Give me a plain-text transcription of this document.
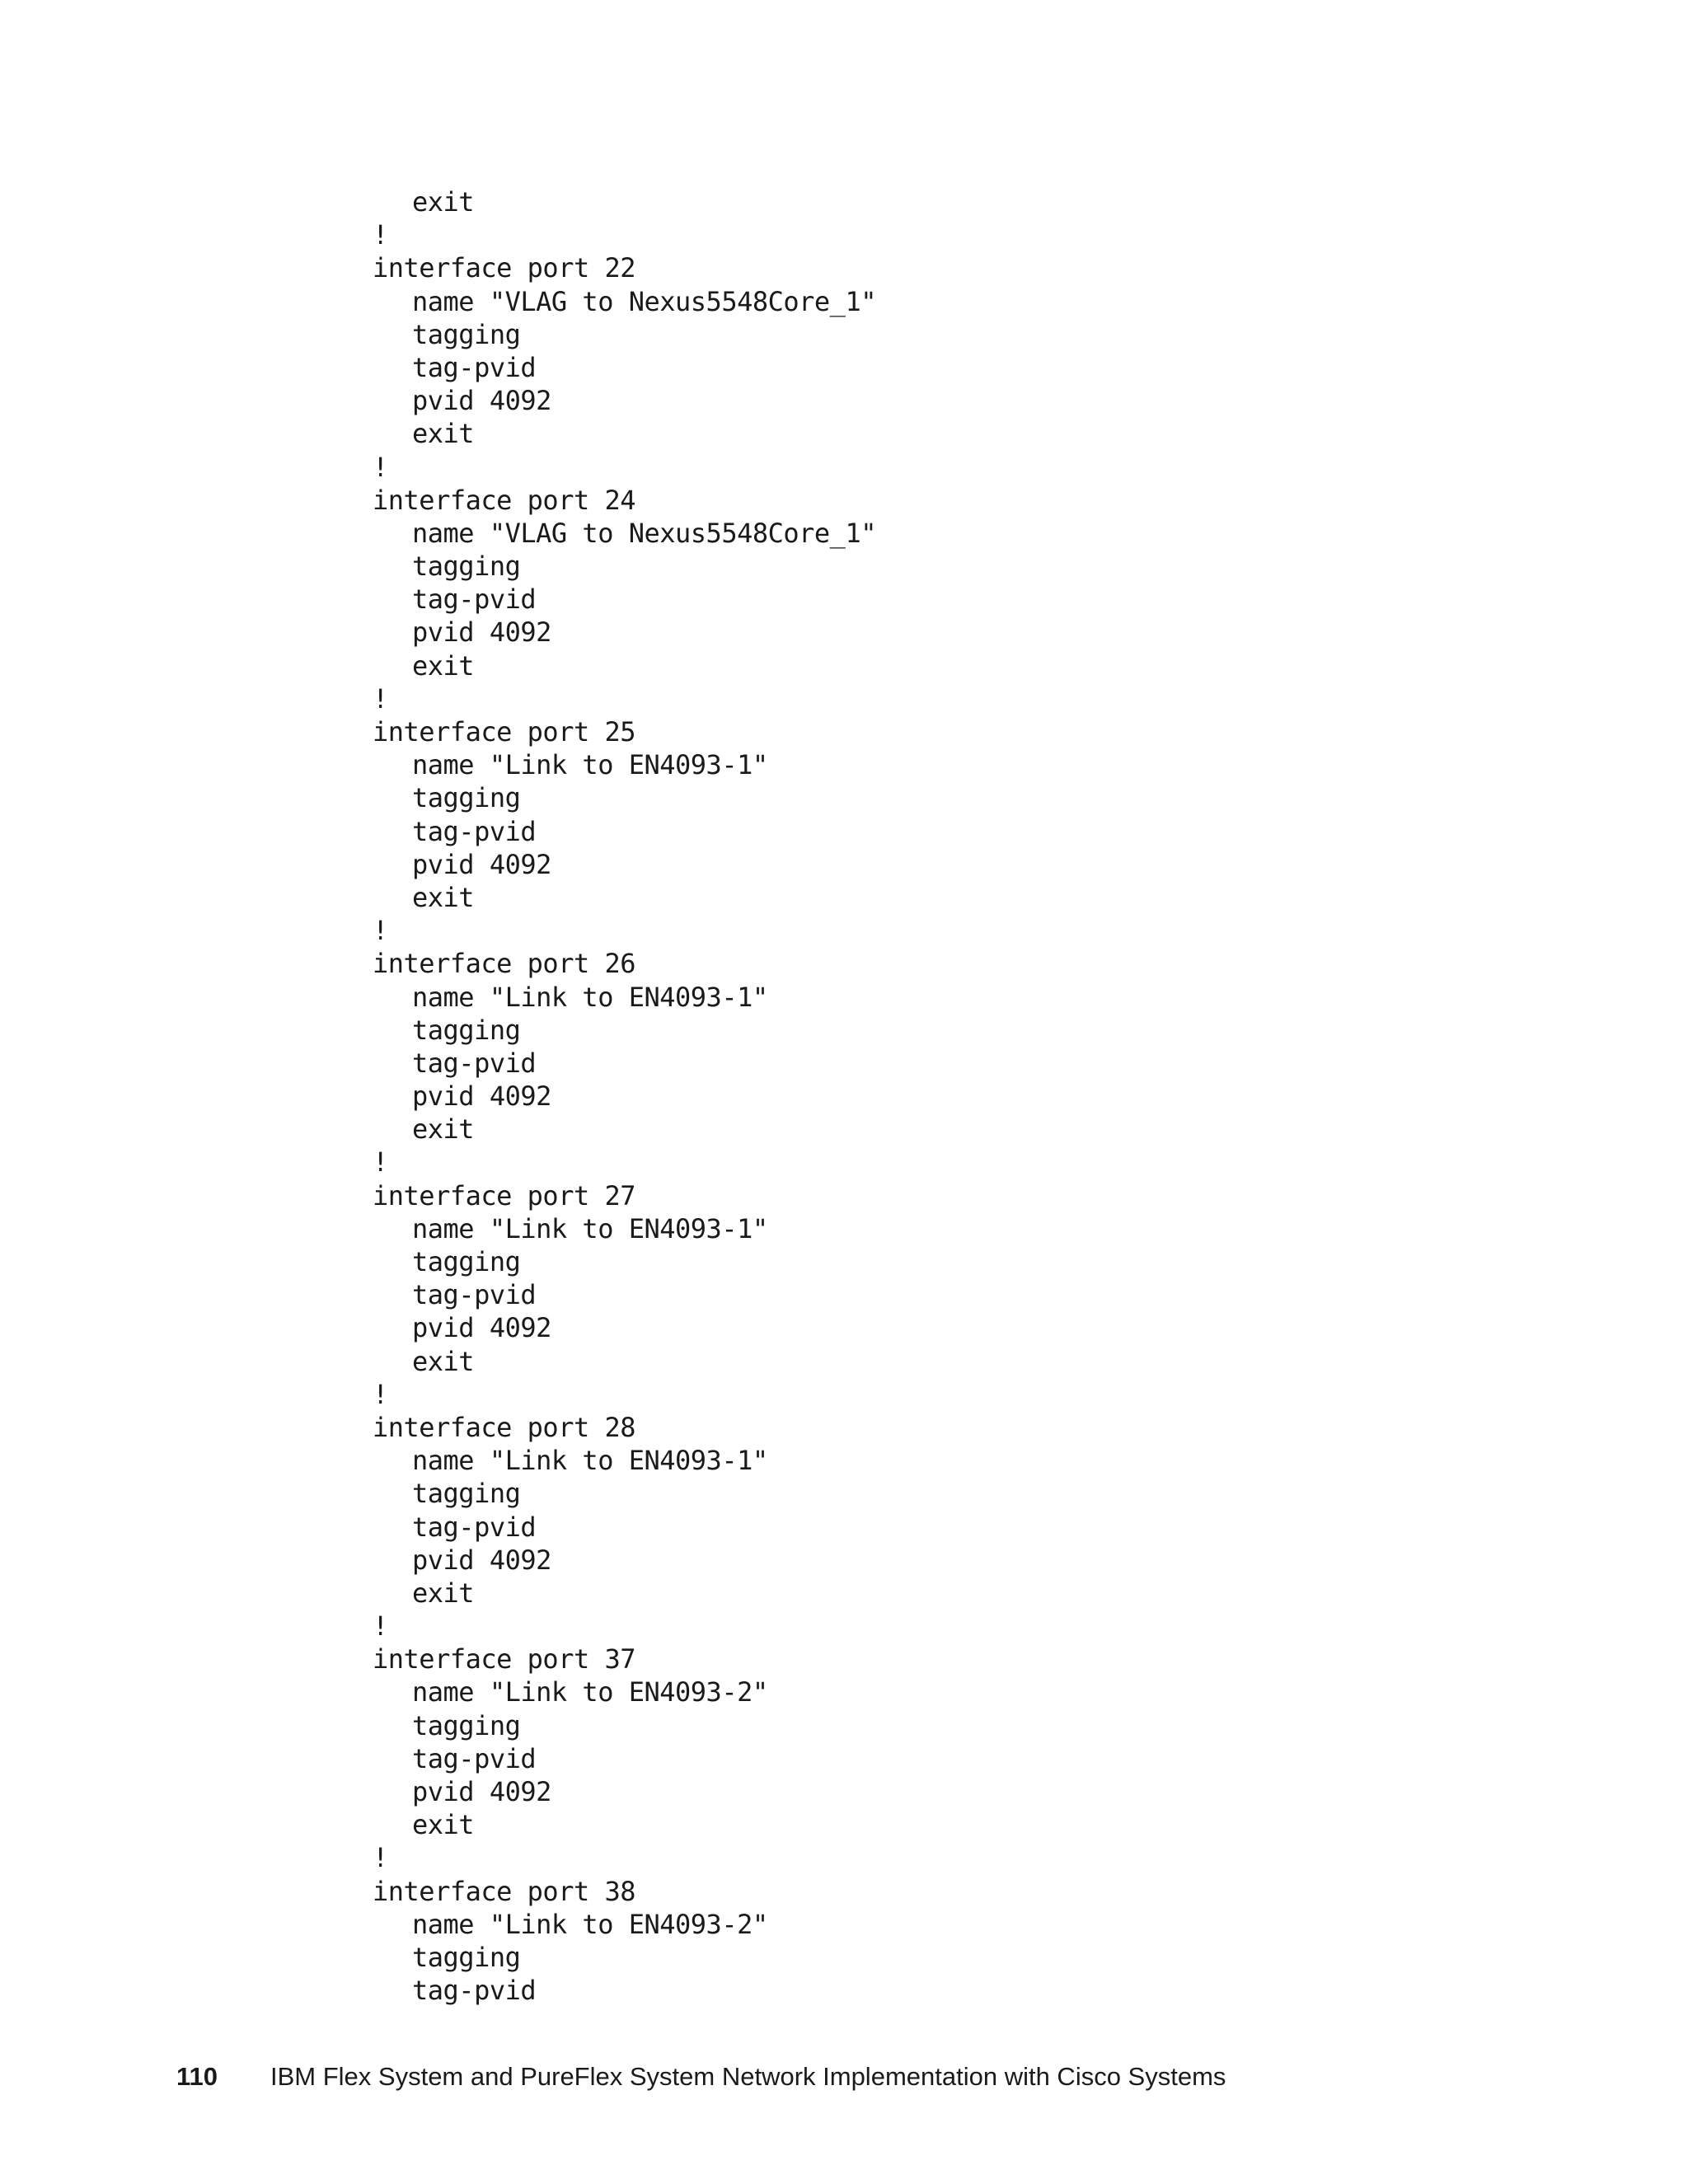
exit
!
interface port 22
name "VLAG to Nexus5548Core_1"
tagging
tag-pvid
pvid 4092
exit
!
interface port 24
name "VLAG to Nexus5548Core_1"
tagging
tag-pvid
pvid 4092
exit
!
interface port 25
name "Link to EN4093-1"
tagging
tag-pvid
pvid 4092
exit
!
interface port 26
name "Link to EN4093-1"
tagging
tag-pvid
pvid 4092
exit
!
interface port 27
name "Link to EN4093-1"
tagging
tag-pvid
pvid 4092
exit
!
interface port 28
name "Link to EN4093-1"
tagging
tag-pvid
pvid 4092
exit
!
interface port 37
name "Link to EN4093-2"
tagging
tag-pvid
pvid 4092
exit
!
interface port 38
name "Link to EN4093-2"
tagging
tag-pvid
110 IBM Flex System and PureFlex System Network Implementation with Cisco Systems
